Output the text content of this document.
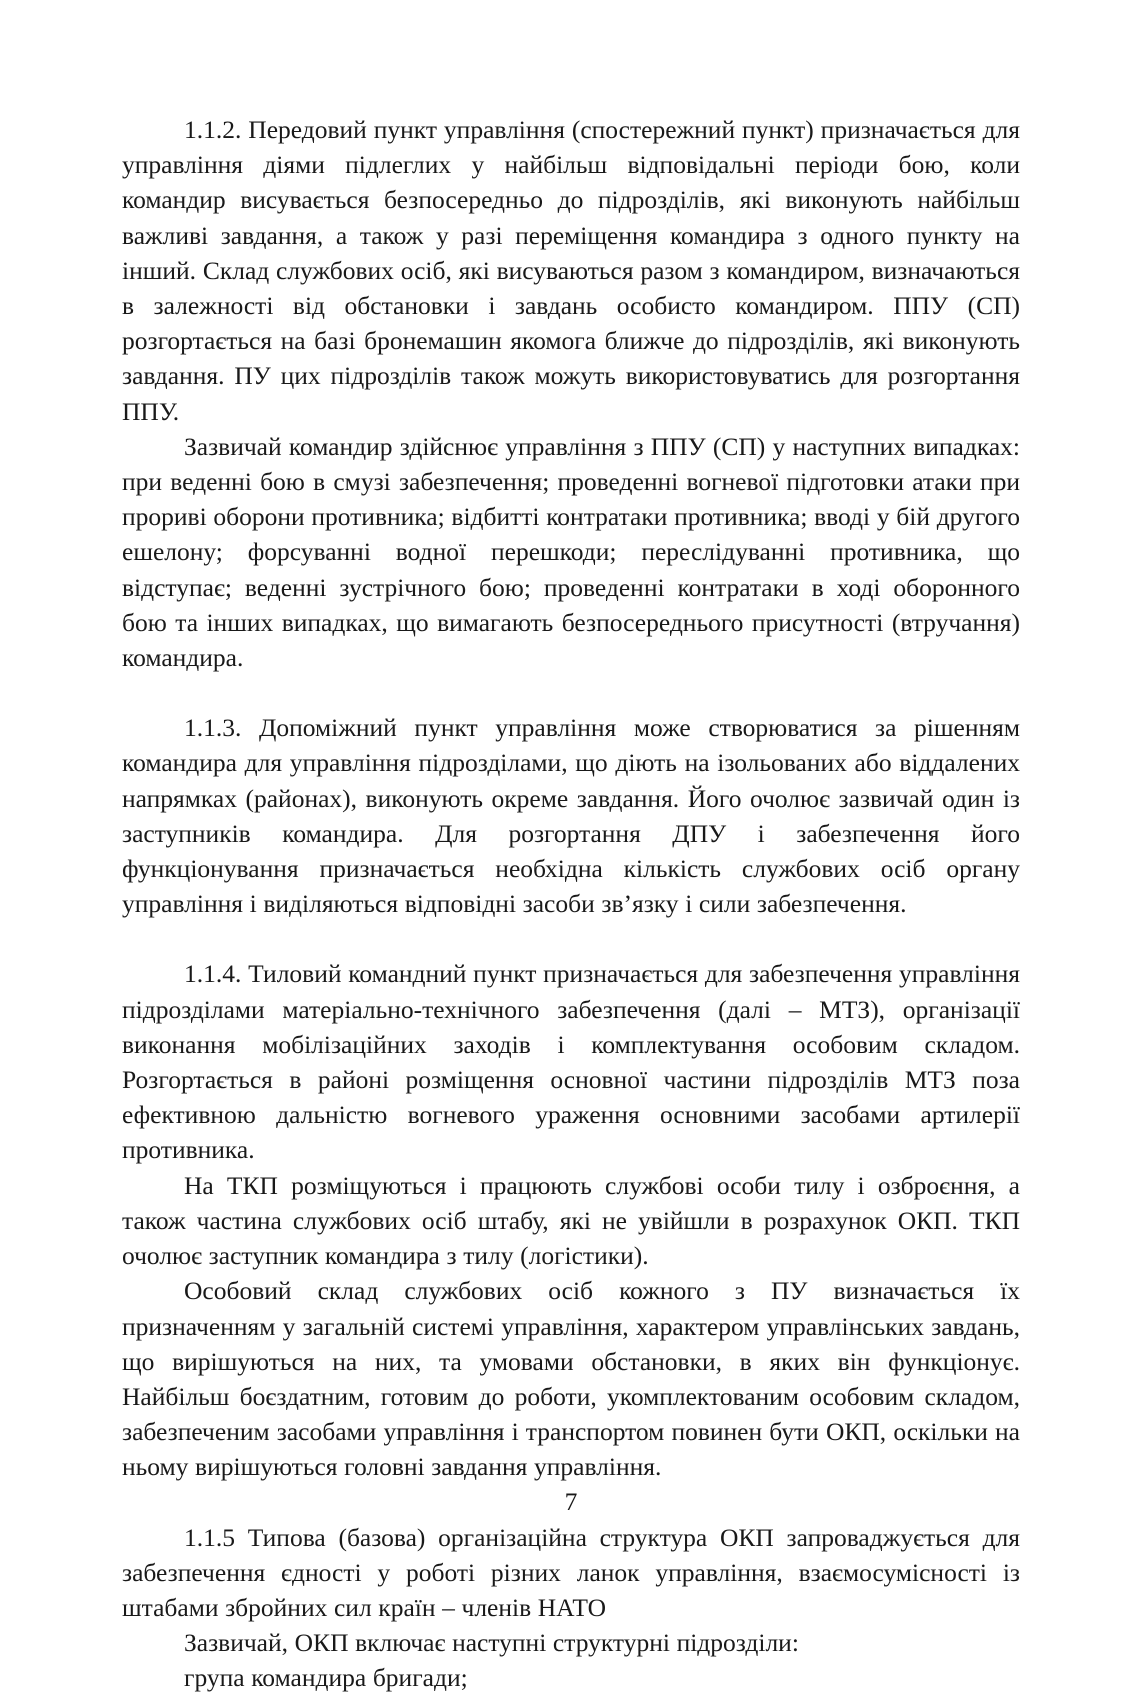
1.1.2. Передовий пункт управління (спостережний пункт) призначається для управління діями підлеглих у найбільш відповідальні періоди бою, коли командир висувається безпосередньо до підрозділів, які виконують найбільш важливі завдання, а також у разі переміщення командира з одного пункту на інший. Склад службових осіб, які висуваються разом з командиром, визначаються в залежності від обстановки і завдань особисто командиром. ППУ (СП) розгортається на базі бронемашин якомога ближче до підрозділів, які виконують завдання. ПУ цих підрозділів також можуть використовуватись для розгортання ППУ.

Зазвичай командир здійснює управління з ППУ (СП) у наступних випадках: при веденні бою в смузі забезпечення; проведенні вогневої підготовки атаки при прориві оборони противника; відбитті контратаки противника; вводі у бій другого ешелону; форсуванні водної перешкоди; переслідуванні противника, що відступає; веденні зустрічного бою; проведенні контратаки в ході оборонного бою та інших випадках, що вимагають безпосереднього присутності (втручання) командира.

1.1.3. Допоміжний пункт управління може створюватися за рішенням командира для управління підрозділами, що діють на ізольованих або віддалених напрямках (районах), виконують окреме завдання. Його очолює зазвичай один із заступників командира. Для розгортання ДПУ і забезпечення його функціонування призначається необхідна кількість службових осіб органу управління і виділяються відповідні засоби зв’язку і сили забезпечення.

1.1.4. Тиловий командний пункт призначається для забезпечення управління підрозділами матеріально-технічного забезпечення (далі – МТЗ), організації виконання мобілізаційних заходів і комплектування особовим складом. Розгортається в районі розміщення основної частини підрозділів МТЗ поза ефективною дальністю вогневого ураження основними засобами артилерії противника.

На ТКП розміщуються і працюють службові особи тилу і озброєння, а також частина службових осіб штабу, які не увійшли в розрахунок ОКП. ТКП очолює заступник командира з тилу (логістики).

Особовий склад службових осіб кожного з ПУ визначається їх призначенням у загальній системі управління, характером управлінських завдань, що вирішуються на них, та умовами обстановки, в яких він функціонує. Найбільш боєздатним, готовим до роботи, укомплектованим особовим складом, забезпеченим засобами управління і транспортом повинен бути ОКП, оскільки на ньому вирішуються головні завдання управління.

1.1.5 Типова (базова) організаційна структура ОКП запроваджується для забезпечення єдності у роботі різних ланок управління, взаємосумісності із штабами збройних сил країн – членів НАТО

Зазвичай, ОКП включає наступні структурні підрозділи:

група командира бригади;

7
